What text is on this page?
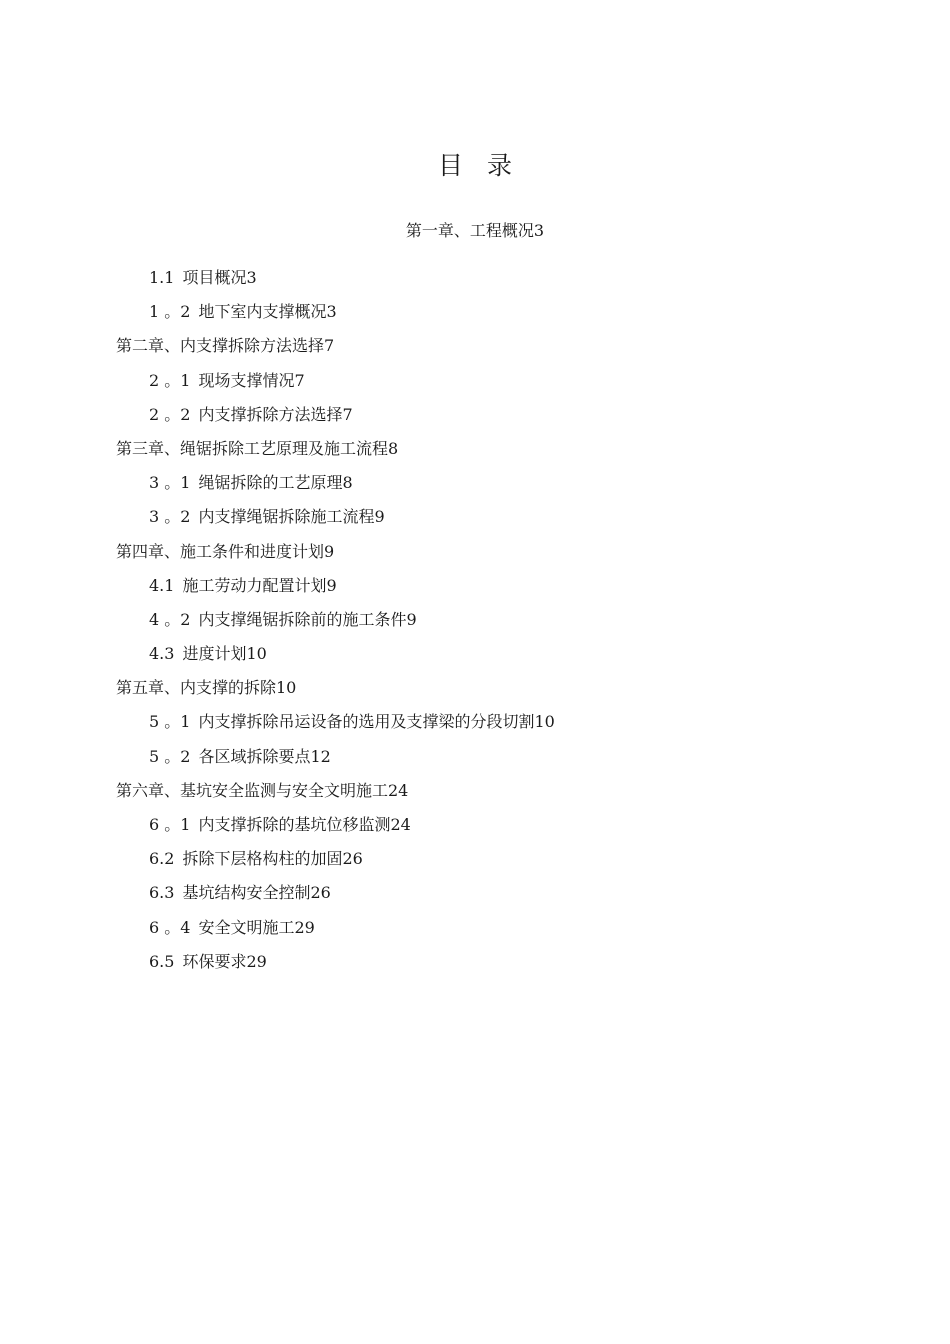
目 录
第一章、工程概况3
1.1 项目概况3
1 。2 地下室内支撑概况3
第二章、内支撑拆除方法选择7
2 。1 现场支撑情况7
2 。2 内支撑拆除方法选择7
第三章、绳锯拆除工艺原理及施工流程8
3 。1 绳锯拆除的工艺原理8
3 。2 内支撑绳锯拆除施工流程9
第四章、施工条件和进度计划9
4.1 施工劳动力配置计划9
4 。2 内支撑绳锯拆除前的施工条件9
4.3 进度计划10
第五章、内支撑的拆除10
5 。1 内支撑拆除吊运设备的选用及支撑梁的分段切割10
5 。2 各区域拆除要点12
第六章、基坑安全监测与安全文明施工24
6 。1 内支撑拆除的基坑位移监测24
6.2 拆除下层格构柱的加固26
6.3 基坑结构安全控制26
6 。4 安全文明施工29
6.5 环保要求29
